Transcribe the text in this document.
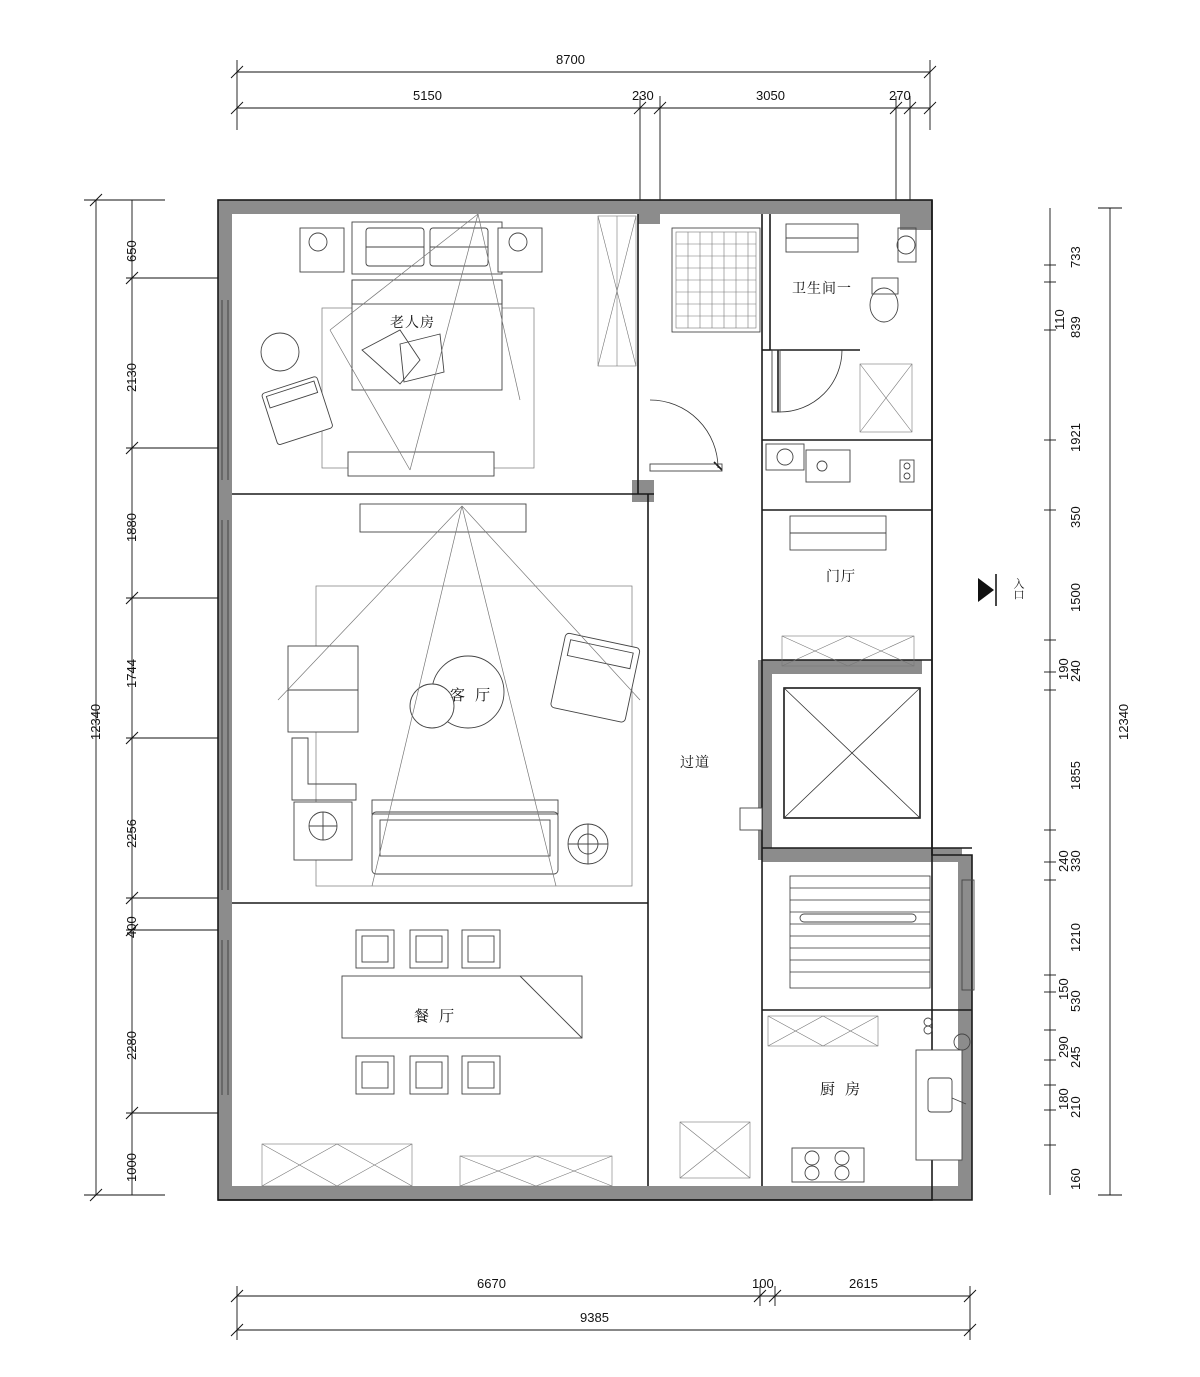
8700
5150	230	3050	270
12340
650
2130
1880
1744
2256
400
2280
1000
12340
733
110 839
1921
350
1500
240
190
1855
330
240
1210
150
530
290
245
180
210
160
6670	100	2615
9385
老人房
客 厅
餐 厅
过道
门厅
卫生间一
厨 房
入口
